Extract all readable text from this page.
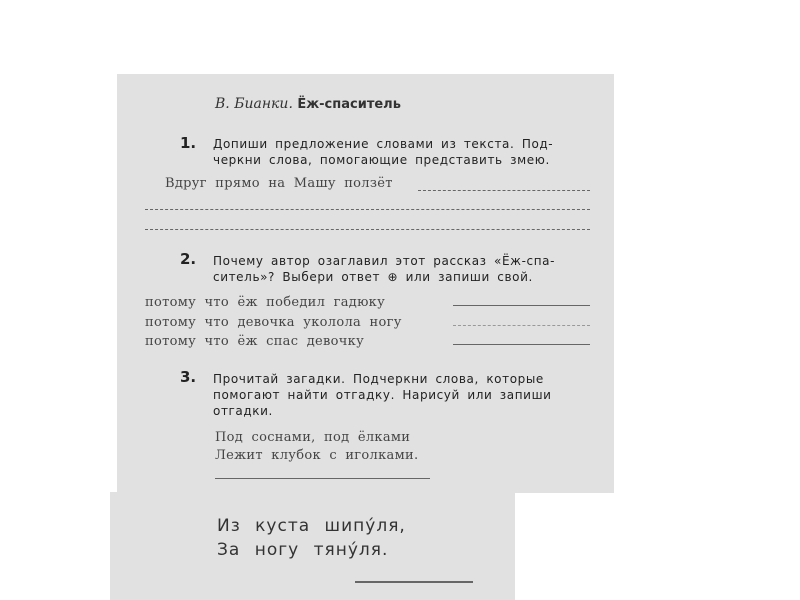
В. Бианки. Ёж-спаситель
1. Допиши предложение словами из текста. Под-
черкни слова, помогающие представить змею.
Вдруг прямо на Машу ползёт
2. Почему автор озаглавил этот рассказ «Ёж-спа-
ситель»? Выбери ответ ⊕ или запиши свой.
потому что ёж победил гадюку
потому что девочка уколола ногу
потому что ёж спас девочку
3. Прочитай загадки. Подчеркни слова, которые
помогают найти отгадку. Нарисуй или запиши
отгадки.
Под соснами, под ёлками
Лежит клубок с иголками.
Из куста шипýля,
За ногу тянýля.
